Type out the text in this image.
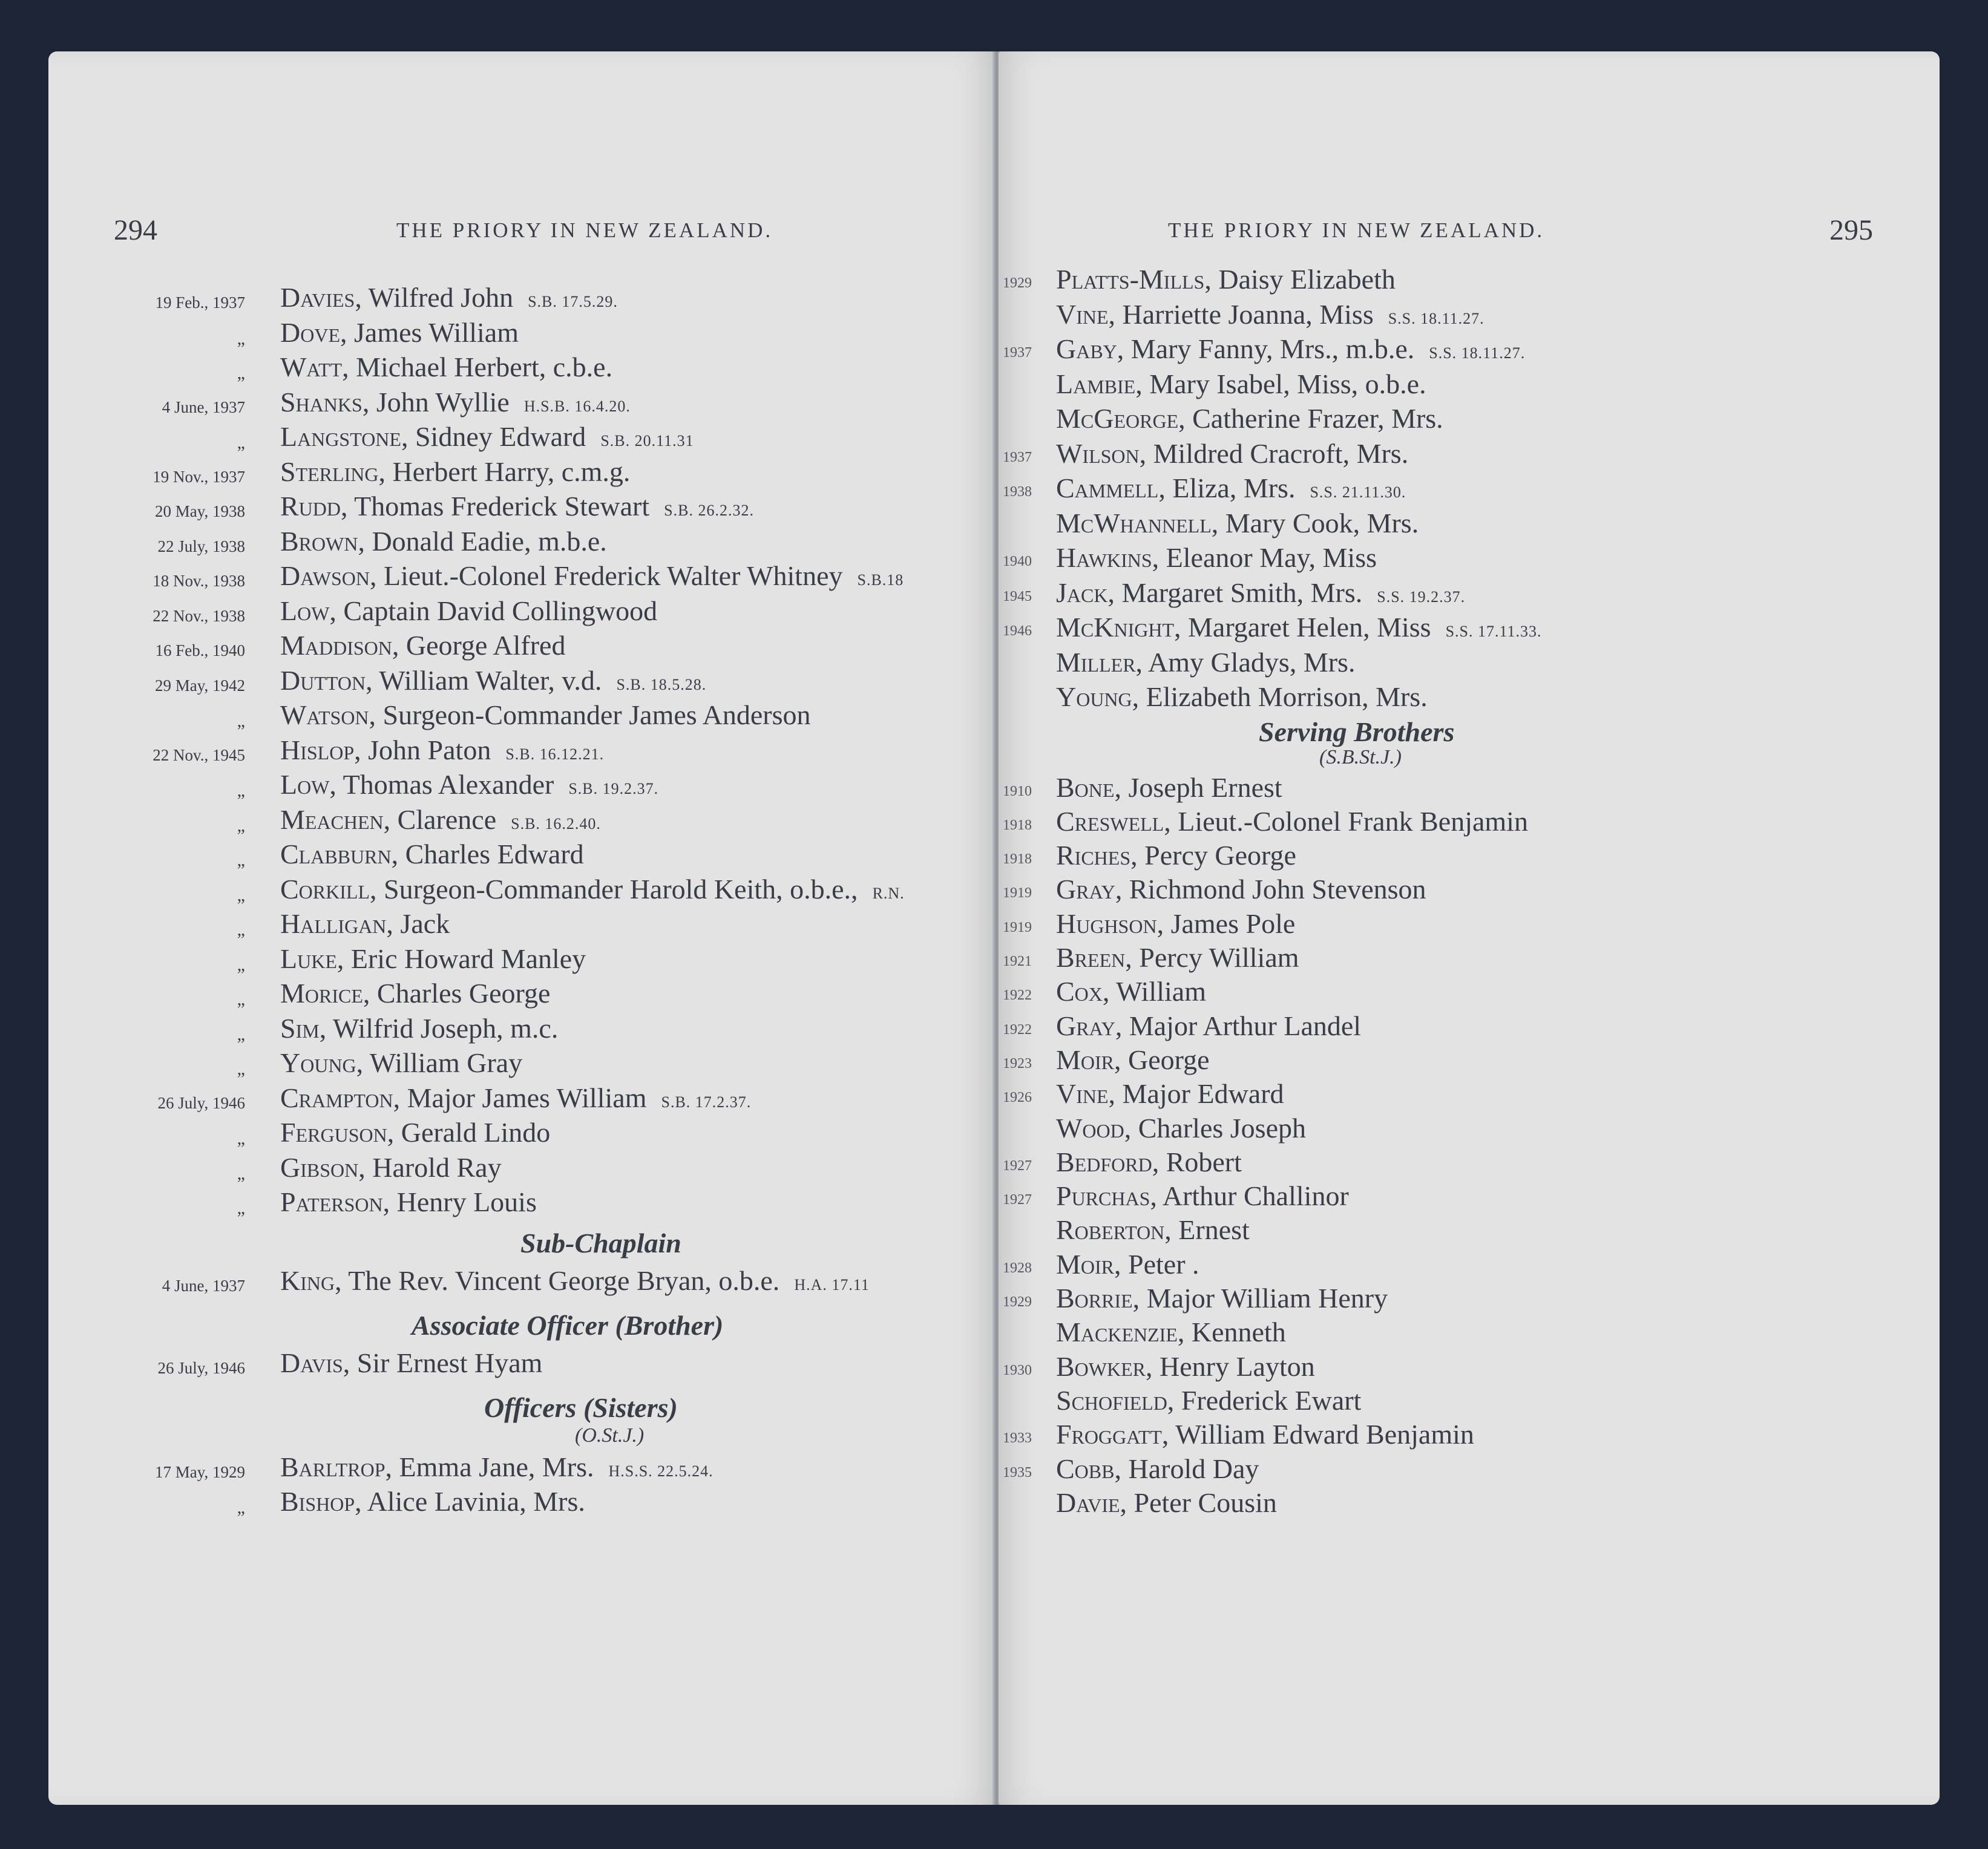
294	THE PRIORY IN NEW ZEALAND.
19 Feb., 1937 Davies, Wilfred John S.B. 17.5.29.
„ Dove, James William
„ Watt, Michael Herbert, c.b.e.
4 June, 1937 Shanks, John Wyllie H.S.B. 16.4.20.
„ Langstone, Sidney Edward S.B. 20.11.31
19 Nov., 1937 Sterling, Herbert Harry, c.m.g.
20 May, 1938 Rudd, Thomas Frederick Stewart S.B. 26.2.32.
22 July, 1938 Brown, Donald Eadie, m.b.e.
18 Nov., 1938 Dawson, Lieut.-Colonel Frederick Walter Whitney S.B.18
22 Nov., 1938 Low, Captain David Collingwood
16 Feb., 1940 Maddison, George Alfred
29 May, 1942 Dutton, William Walter, v.d. S.B. 18.5.28.
„ Watson, Surgeon-Commander James Anderson
22 Nov., 1945 Hislop, John Paton S.B. 16.12.21.
„ Low, Thomas Alexander S.B. 19.2.37.
„ Meachen, Clarence S.B. 16.2.40.
„ Clabburn, Charles Edward
„ Corkill, Surgeon-Commander Harold Keith, o.b.e., R.N.
„ Halligan, Jack
„ Luke, Eric Howard Manley
„ Morice, Charles George
„ Sim, Wilfrid Joseph, m.c.
„ Young, William Gray
26 July, 1946 Crampton, Major James William S.B. 17.2.37.
„ Ferguson, Gerald Lindo
„ Gibson, Harold Ray
„ Paterson, Henry Louis
Sub-Chaplain
4 June, 1937 King, The Rev. Vincent George Bryan, o.b.e. H.A. 17.11
Associate Officer (Brother)
26 July, 1946 Davis, Sir Ernest Hyam
Officers (Sisters)
(O.St.J.)
17 May, 1929 Barltrop, Emma Jane, Mrs. H.S.S. 22.5.24.
„ Bishop, Alice Lavinia, Mrs.
THE PRIORY IN NEW ZEALAND.	295
1929 Platts-Mills, Daisy Elizabeth
Vine, Harriette Joanna, Miss S.S. 18.11.27.
1937 Gaby, Mary Fanny, Mrs., m.b.e. S.S. 18.11.27.
Lambie, Mary Isabel, Miss, o.b.e.
McGeorge, Catherine Frazer, Mrs.
1937 Wilson, Mildred Cracroft, Mrs.
1938 Cammell, Eliza, Mrs. S.S. 21.11.30.
McWhannell, Mary Cook, Mrs.
1940 Hawkins, Eleanor May, Miss
1945 Jack, Margaret Smith, Mrs. S.S. 19.2.37.
1946 McKnight, Margaret Helen, Miss S.S. 17.11.33.
Miller, Amy Gladys, Mrs.
Young, Elizabeth Morrison, Mrs.
Serving Brothers
(S.B.St.J.)
1910 Bone, Joseph Ernest
1918 Creswell, Lieut.-Colonel Frank Benjamin
1918 Riches, Percy George
1919 Gray, Richmond John Stevenson
1919 Hughson, James Pole
1921 Breen, Percy William
1922 Cox, William
1922 Gray, Major Arthur Landel
1923 Moir, George
1926 Vine, Major Edward
Wood, Charles Joseph
1927 Bedford, Robert
1927 Purchas, Arthur Challinor
Roberton, Ernest
1928 Moir, Peter .
1929 Borrie, Major William Henry
Mackenzie, Kenneth
1930 Bowker, Henry Layton
Schofield, Frederick Ewart
1933 Froggatt, William Edward Benjamin
1935 Cobb, Harold Day
Davie, Peter Cousin
